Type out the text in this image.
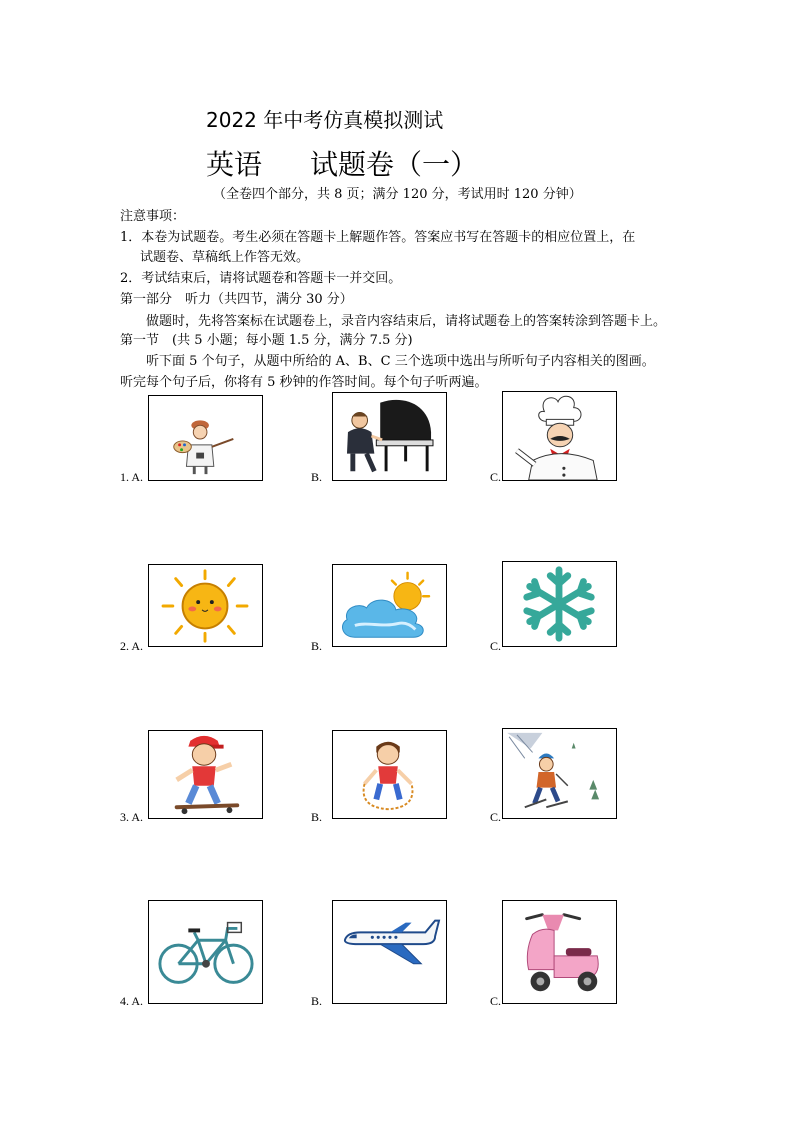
2022 年中考仿真模拟测试
英语 试题卷（一）
（全卷四个部分，共 8 页；满分 120 分，考试用时 120 分钟）
注意事项：
1．本卷为试题卷。考生必须在答题卡上解题作答。答案应书写在答题卡的相应位置上，在
试题卷、草稿纸上作答无效。
2．考试结束后，请将试题卷和答题卡一并交回。
第一部分　听力（共四节，满分 30 分）
做题时，先将答案标在试题卷上，录音内容结束后，请将试题卷上的答案转涂到答题卡上。
第一节　(共 5 小题；每小题 1.5 分，满分 7.5 分)
听下面 5 个句子，从题中所给的 A、B、C 三个选项中选出与所听句子内容相关的图画。
听完每个句子后，你将有 5 秒钟的作答时间。每个句子听两遍。
1. A.	B.	C.
2. A.	B.	C.
3. A.	B.	C.
4. A.	B.	C.
